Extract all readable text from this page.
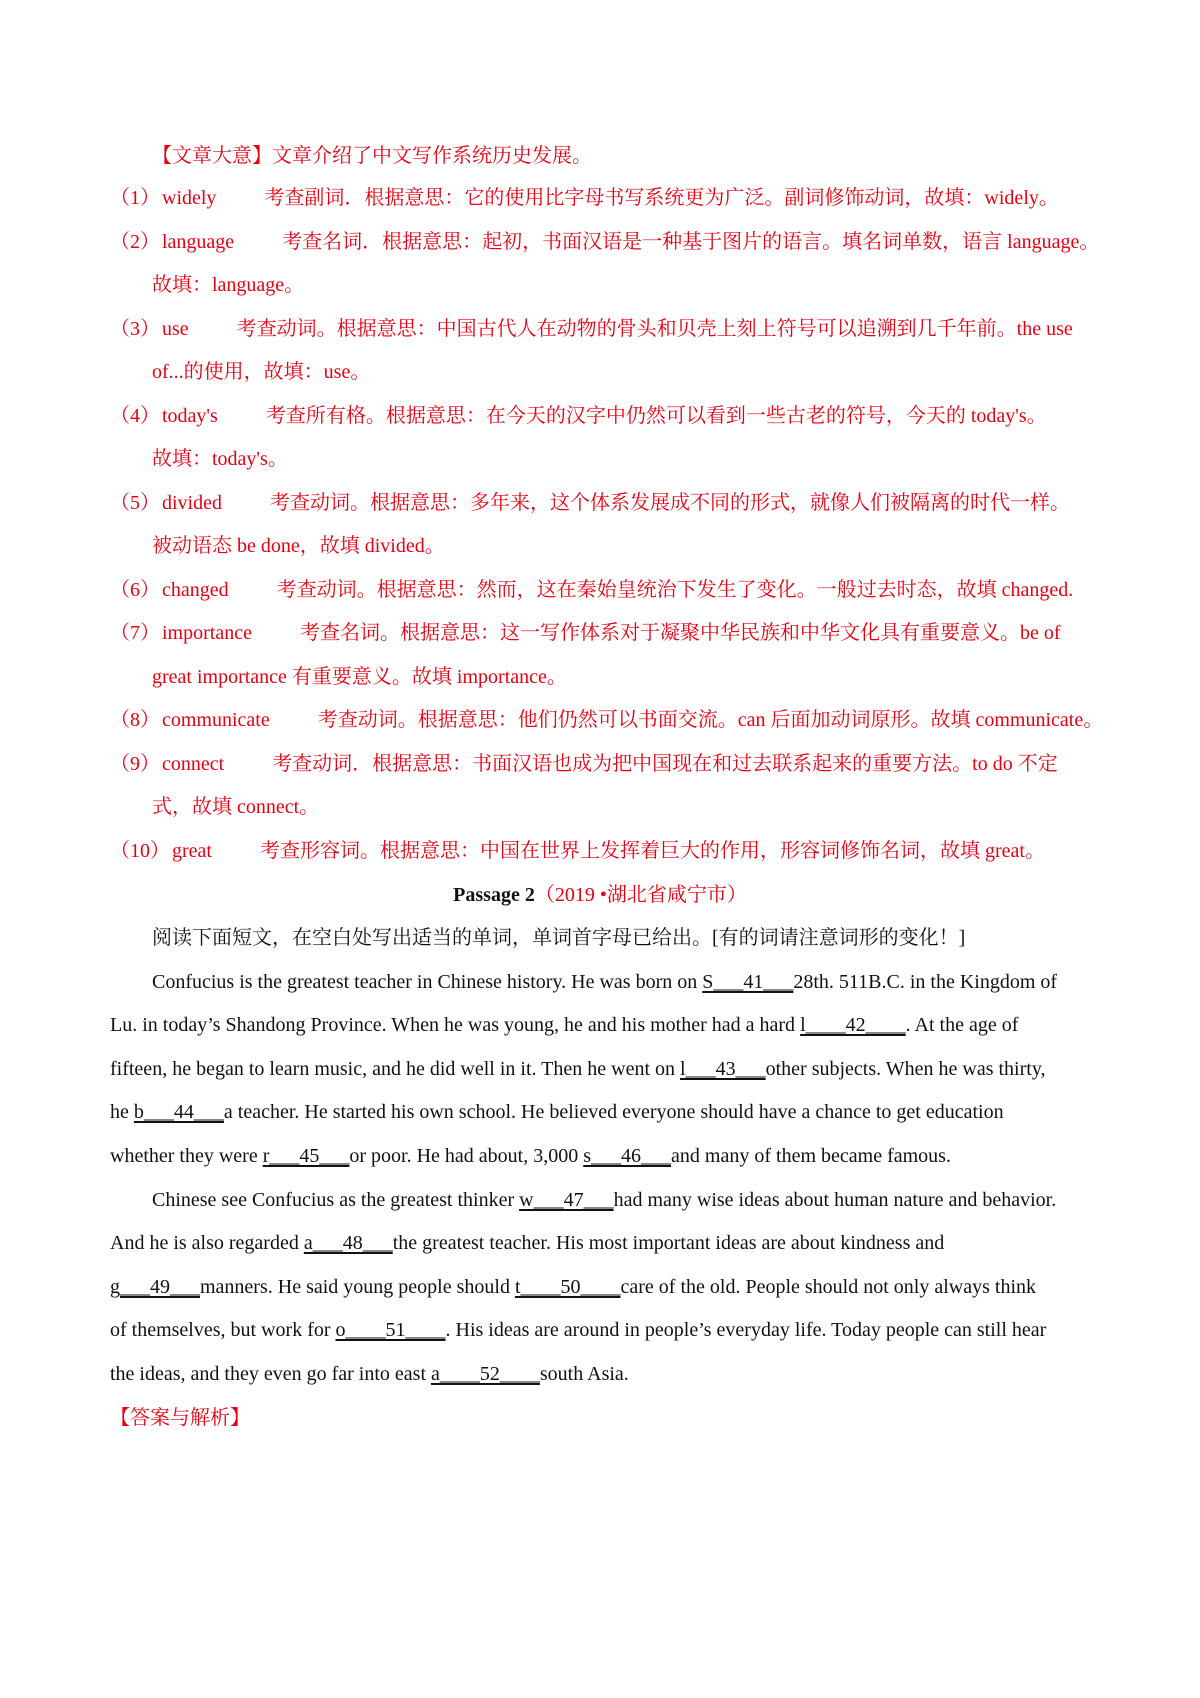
【文章大意】文章介绍了中文写作系统历史发展。
（1） widely 考查副词．根据意思：它的使用比字母书写系统更为广泛。副词修饰动词，故填：widely。
（2） language 考查名词．根据意思：起初，书面汉语是一种基于图片的语言。填名词单数，语言 language。
故填：language。
（3） use 考查动词。根据意思：中国古代人在动物的骨头和贝壳上刻上符号可以追溯到几千年前。the use
of...的使用，故填：use。
（4） today's 考查所有格。根据意思：在今天的汉字中仍然可以看到一些古老的符号，今天的 today's。
故填：today's。
（5） divided 考查动词。根据意思：多年来，这个体系发展成不同的形式，就像人们被隔离的时代一样。
被动语态 be done，故填 divided。
（6） changed 考查动词。根据意思：然而，这在秦始皇统治下发生了变化。一般过去时态，故填 changed.
（7） importance 考查名词。根据意思：这一写作体系对于凝聚中华民族和中华文化具有重要意义。be of
great importance 有重要意义。故填 importance。
（8） communicate 考查动词。根据意思：他们仍然可以书面交流。can 后面加动词原形。故填 communicate。
（9） connect 考查动词．根据意思：书面汉语也成为把中国现在和过去联系起来的重要方法。to do 不定
式，故填 connect。
（10） great 考查形容词。根据意思：中国在世界上发挥着巨大的作用，形容词修饰名词，故填 great。
Passage 2（2019 •湖北省咸宁市）
阅读下面短文，在空白处写出适当的单词，单词首字母已给出。[有的词请注意词形的变化！]
Confucius is the greatest teacher in Chinese history. He was born on S___41___28th. 511B.C. in the Kingdom of
Lu. in today’s Shandong Province. When he was young, he and his mother had a hard l____42____. At the age of
fifteen, he began to learn music, and he did well in it. Then he went on l___43___other subjects. When he was thirty,
he b___44___a teacher. He started his own school. He believed everyone should have a chance to get education
whether they were r___45___or poor. He had about, 3,000 s___46___and many of them became famous.
Chinese see Confucius as the greatest thinker w___47___had many wise ideas about human nature and behavior.
And he is also regarded a___48___the greatest teacher. His most important ideas are about kindness and
g___49___manners. He said young people should t____50____care of the old. People should not only always think
of themselves, but work for o____51____. His ideas are around in people’s everyday life. Today people can still hear
the ideas, and they even go far into east a____52____south Asia.
【答案与解析】
